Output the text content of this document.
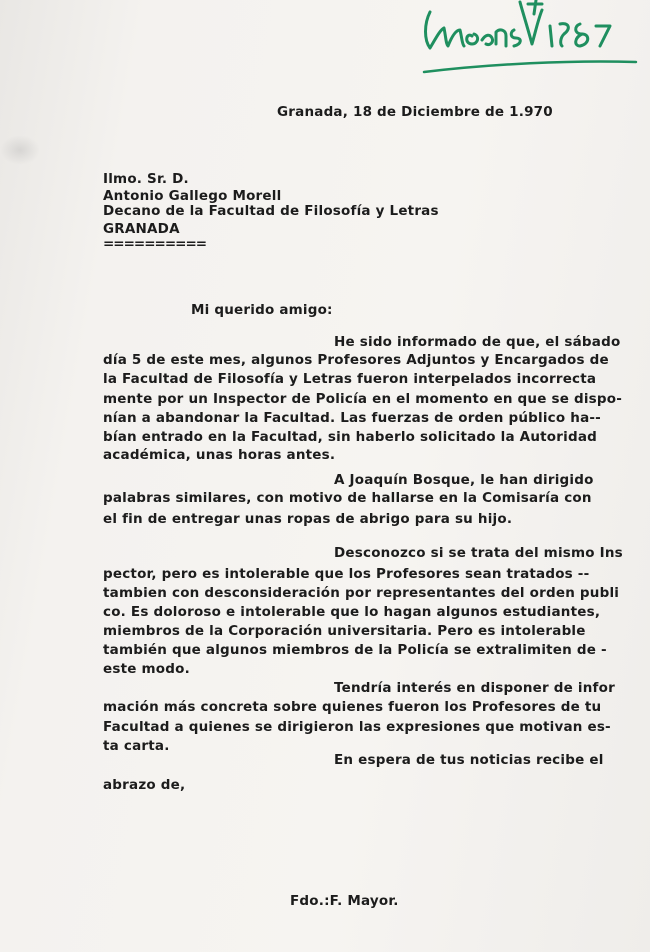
Granada, 18 de Diciembre de 1.970
Ilmo. Sr. D.
Antonio Gallego Morell
Decano de la Facultad de Filosofía y Letras
GRANADA
==========
Mi querido amigo:
He sido informado de que, el sábado
día 5 de este mes, algunos Profesores Adjuntos y Encargados de
la Facultad de Filosofía y Letras fueron interpelados incorrecta
mente por un Inspector de Policía en el momento en que se dispo-
nían a abandonar la Facultad. Las fuerzas de orden público ha--
bían entrado en la Facultad, sin haberlo solicitado la Autoridad
académica, unas horas antes.
A Joaquín Bosque, le han dirigido
palabras similares, con motivo de hallarse en la Comisaría con
el fin de entregar unas ropas de abrigo para su hijo.
Desconozco si se trata del mismo Ins
pector, pero es intolerable que los Profesores sean tratados --
tambien con desconsideración por representantes del orden publi
co. Es doloroso e intolerable que lo hagan algunos estudiantes,
miembros de la Corporación universitaria. Pero es intolerable
también que algunos miembros de la Policía se extralimiten de -
este modo.
Tendría interés en disponer de infor
mación más concreta sobre quienes fueron los Profesores de tu
Facultad a quienes se dirigieron las expresiones que motivan es-
ta carta.
En espera de tus noticias recibe el
abrazo de,
Fdo.:F. Mayor.
